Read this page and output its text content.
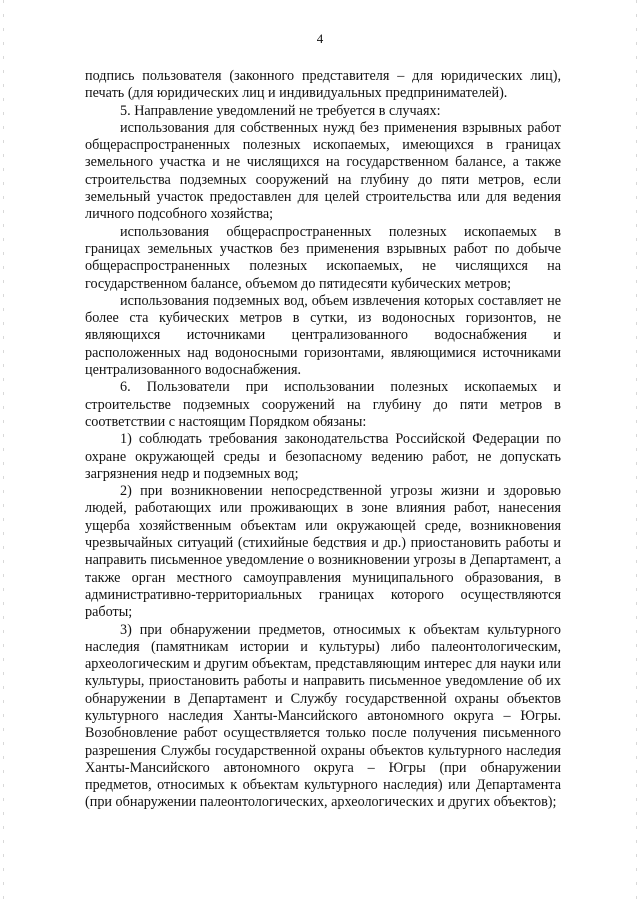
4

подпись пользователя (законного представителя – для юридических лиц), печать (для юридических лиц и индивидуальных предпринимателей).

5. Направление уведомлений не требуется в случаях:

использования для собственных нужд без применения взрывных работ общераспространенных полезных ископаемых, имеющихся в границах земельного участка и не числящихся на государственном балансе, а также строительства подземных сооружений на глубину до пяти метров, если земельный участок предоставлен для целей строительства или для ведения личного подсобного хозяйства;

использования общераспространенных полезных ископаемых в границах земельных участков без применения взрывных работ по добыче общераспространенных полезных ископаемых, не числящихся на государственном балансе, объемом до пятидесяти кубических метров;

использования подземных вод, объем извлечения которых составляет не более ста кубических метров в сутки, из водоносных горизонтов, не являющихся источниками централизованного водоснабжения и расположенных над водоносными горизонтами, являющимися источниками централизованного водоснабжения.

6. Пользователи при использовании полезных ископаемых и строительстве подземных сооружений на глубину до пяти метров в соответствии с настоящим Порядком обязаны:

1) соблюдать требования законодательства Российской Федерации по охране окружающей среды и безопасному ведению работ, не допускать загрязнения недр и подземных вод;

2) при возникновении непосредственной угрозы жизни и здоровью людей, работающих или проживающих в зоне влияния работ, нанесения ущерба хозяйственным объектам или окружающей среде, возникновения чрезвычайных ситуаций (стихийные бедствия и др.) приостановить работы и направить письменное уведомление о возникновении угрозы в Департамент, а также орган местного самоуправления муниципального образования, в административно-территориальных границах которого осуществляются работы;

3) при обнаружении предметов, относимых к объектам культурного наследия (памятникам истории и культуры) либо палеонтологическим, археологическим и другим объектам, представляющим интерес для науки или культуры, приостановить работы и направить письменное уведомление об их обнаружении в Департамент и Службу государственной охраны объектов культурного наследия Ханты-Мансийского автономного округа – Югры. Возобновление работ осуществляется только после получения письменного разрешения Службы государственной охраны объектов культурного наследия Ханты-Мансийского автономного округа – Югры (при обнаружении предметов, относимых к объектам культурного наследия) или Департамента (при обнаружении палеонтологических, археологических и других объектов);
